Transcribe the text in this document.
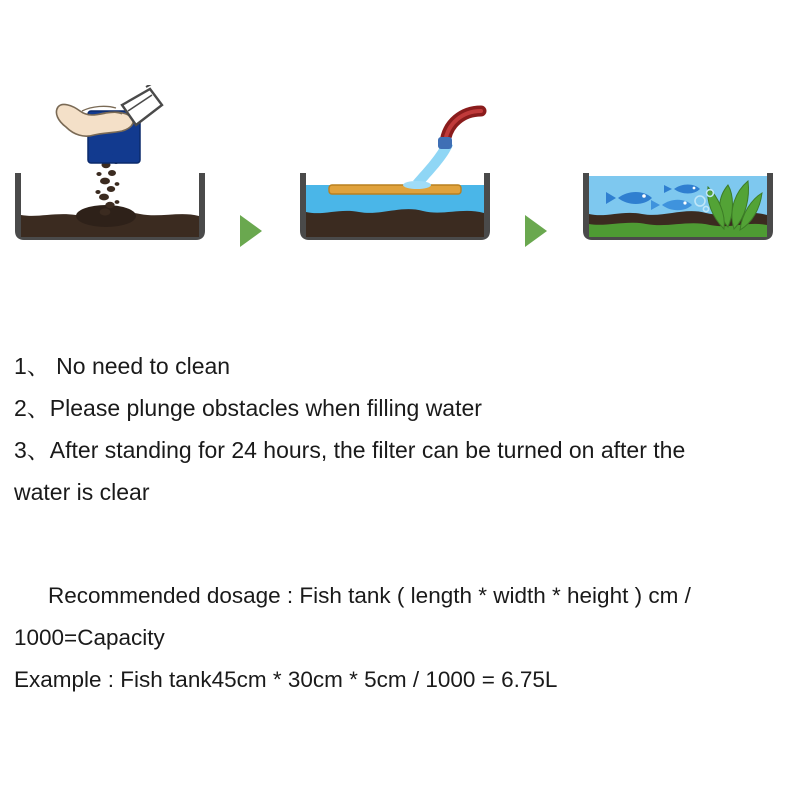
1、 No need to clean
2、Please plunge obstacles when filling water
3、After standing for 24 hours, the filter can be turned on after the
water is clear
Recommended dosage : Fish tank ( length * width * height ) cm /
1000=Capacity
Example : Fish tank45cm * 30cm * 5cm / 1000 = 6.75L
